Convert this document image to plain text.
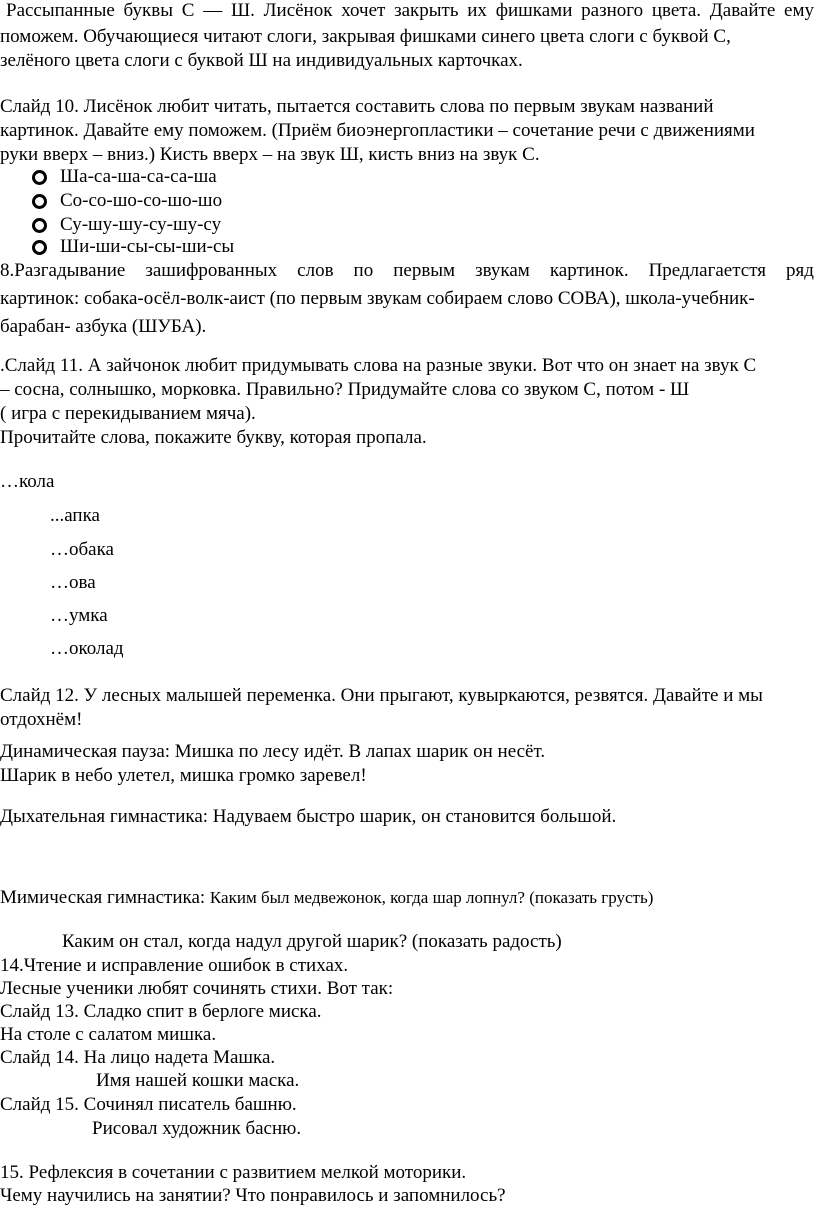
Рассыпанные буквы С — Ш. Лисёнок хочет закрыть их фишками разного цвета. Давайте ему
поможем. Обучающиеся читают слоги, закрывая фишками синего цвета слоги с буквой С,
зелёного цвета слоги с буквой Ш на индивидуальных карточках.
Слайд 10. Лисёнок любит читать, пытается составить слова по первым звукам названий
картинок. Давайте ему поможем. (Приём биоэнергопластики – сочетание речи с движениями
руки вверх – вниз.) Кисть вверх – на звук Ш, кисть вниз на звук С.
Ша-са-ша-са-са-ша
Со-со-шо-со-шо-шо
Су-шу-шу-су-шу-су
Ши-ши-сы-сы-ши-сы
8.Разгадывание зашифрованных слов по первым звукам картинок. Предлагаетстя ряд
картинок: собака-осёл-волк-аист (по первым звукам собираем слово СОВА), школа-учебник-
барабан- азбука (ШУБА).
.Слайд 11. А зайчонок любит придумывать слова на разные звуки. Вот что он знает на звук С
– сосна, солнышко, морковка. Правильно? Придумайте слова со звуком С, потом - Ш
( игра с перекидыванием мяча).
Прочитайте слова, покажите букву, которая пропала.
…кола
...апка
…обака
…ова
…умка
…околад
Слайд 12. У лесных малышей переменка. Они прыгают, кувыркаются, резвятся. Давайте и мы
отдохнём!
Динамическая пауза: Мишка по лесу идёт. В лапах шарик он несёт.
Шарик в небо улетел, мишка громко заревел!
Дыхательная гимнастика: Надуваем быстро шарик, он становится большой.
Мимическая гимнастика: Каким был медвежонок, когда шар лопнул? (показать грусть)
Каким он стал, когда надул другой шарик? (показать радость)
14.Чтение и исправление ошибок в стихах.
Лесные ученики любят сочинять стихи. Вот так:
Слайд 13. Сладко спит в берлоге миска.
На столе с салатом мишка.
Слайд 14. На лицо надета Машка.
Имя нашей кошки маска.
Слайд 15. Сочинял писатель башню.
Рисовал художник басню.
15. Рефлексия в сочетании с развитием мелкой моторики.
Чему научились на занятии? Что понравилось и запомнилось?
